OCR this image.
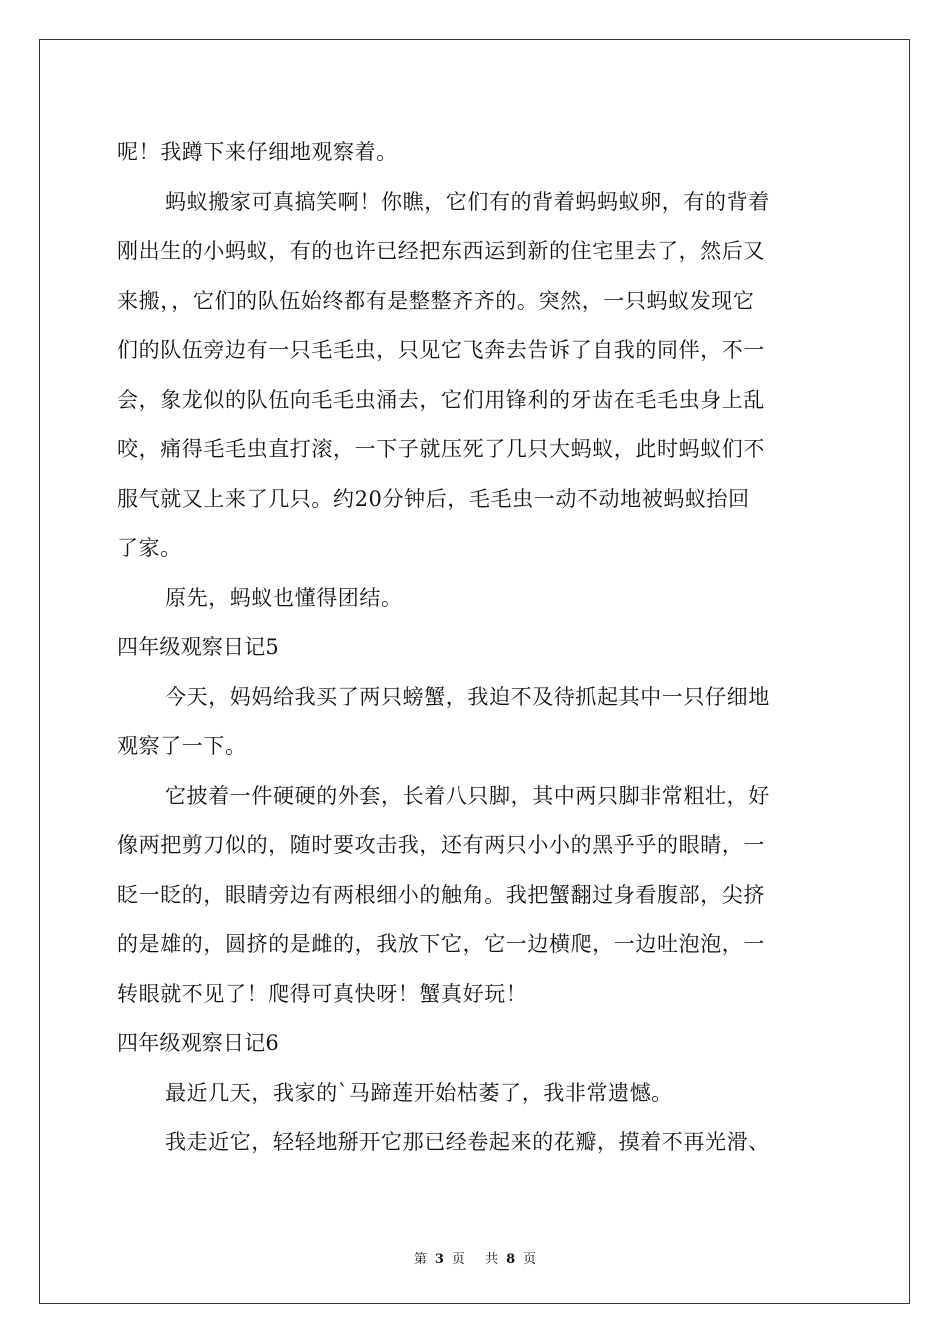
呢！我蹲下来仔细地观察着。
蚂蚁搬家可真搞笑啊！你瞧，它们有的背着蚂蚂蚁卵，有的背着
刚出生的小蚂蚁，有的也许已经把东西运到新的住宅里去了，然后又
来搬，，它们的队伍始终都有是整整齐齐的。突然，一只蚂蚁发现它
们的队伍旁边有一只毛毛虫，只见它飞奔去告诉了自我的同伴，不一
会，象龙似的队伍向毛毛虫涌去，它们用锋利的牙齿在毛毛虫身上乱
咬，痛得毛毛虫直打滚，一下子就压死了几只大蚂蚁，此时蚂蚁们不
服气就又上来了几只。约20分钟后，毛毛虫一动不动地被蚂蚁抬回
了家。
原先，蚂蚁也懂得团结。
四年级观察日记5
今天，妈妈给我买了两只螃蟹，我迫不及待抓起其中一只仔细地
观察了一下。
它披着一件硬硬的外套，长着八只脚，其中两只脚非常粗壮，好
像两把剪刀似的，随时要攻击我，还有两只小小的黑乎乎的眼睛，一
眨一眨的，眼睛旁边有两根细小的触角。我把蟹翻过身看腹部，尖挤
的是雄的，圆挤的是雌的，我放下它，它一边横爬，一边吐泡泡，一
转眼就不见了！爬得可真快呀！蟹真好玩！
四年级观察日记6
最近几天，我家的`马蹄莲开始枯萎了，我非常遗憾。
我走近它，轻轻地掰开它那已经卷起来的花瓣，摸着不再光滑、
第 3 页 共 8 页
